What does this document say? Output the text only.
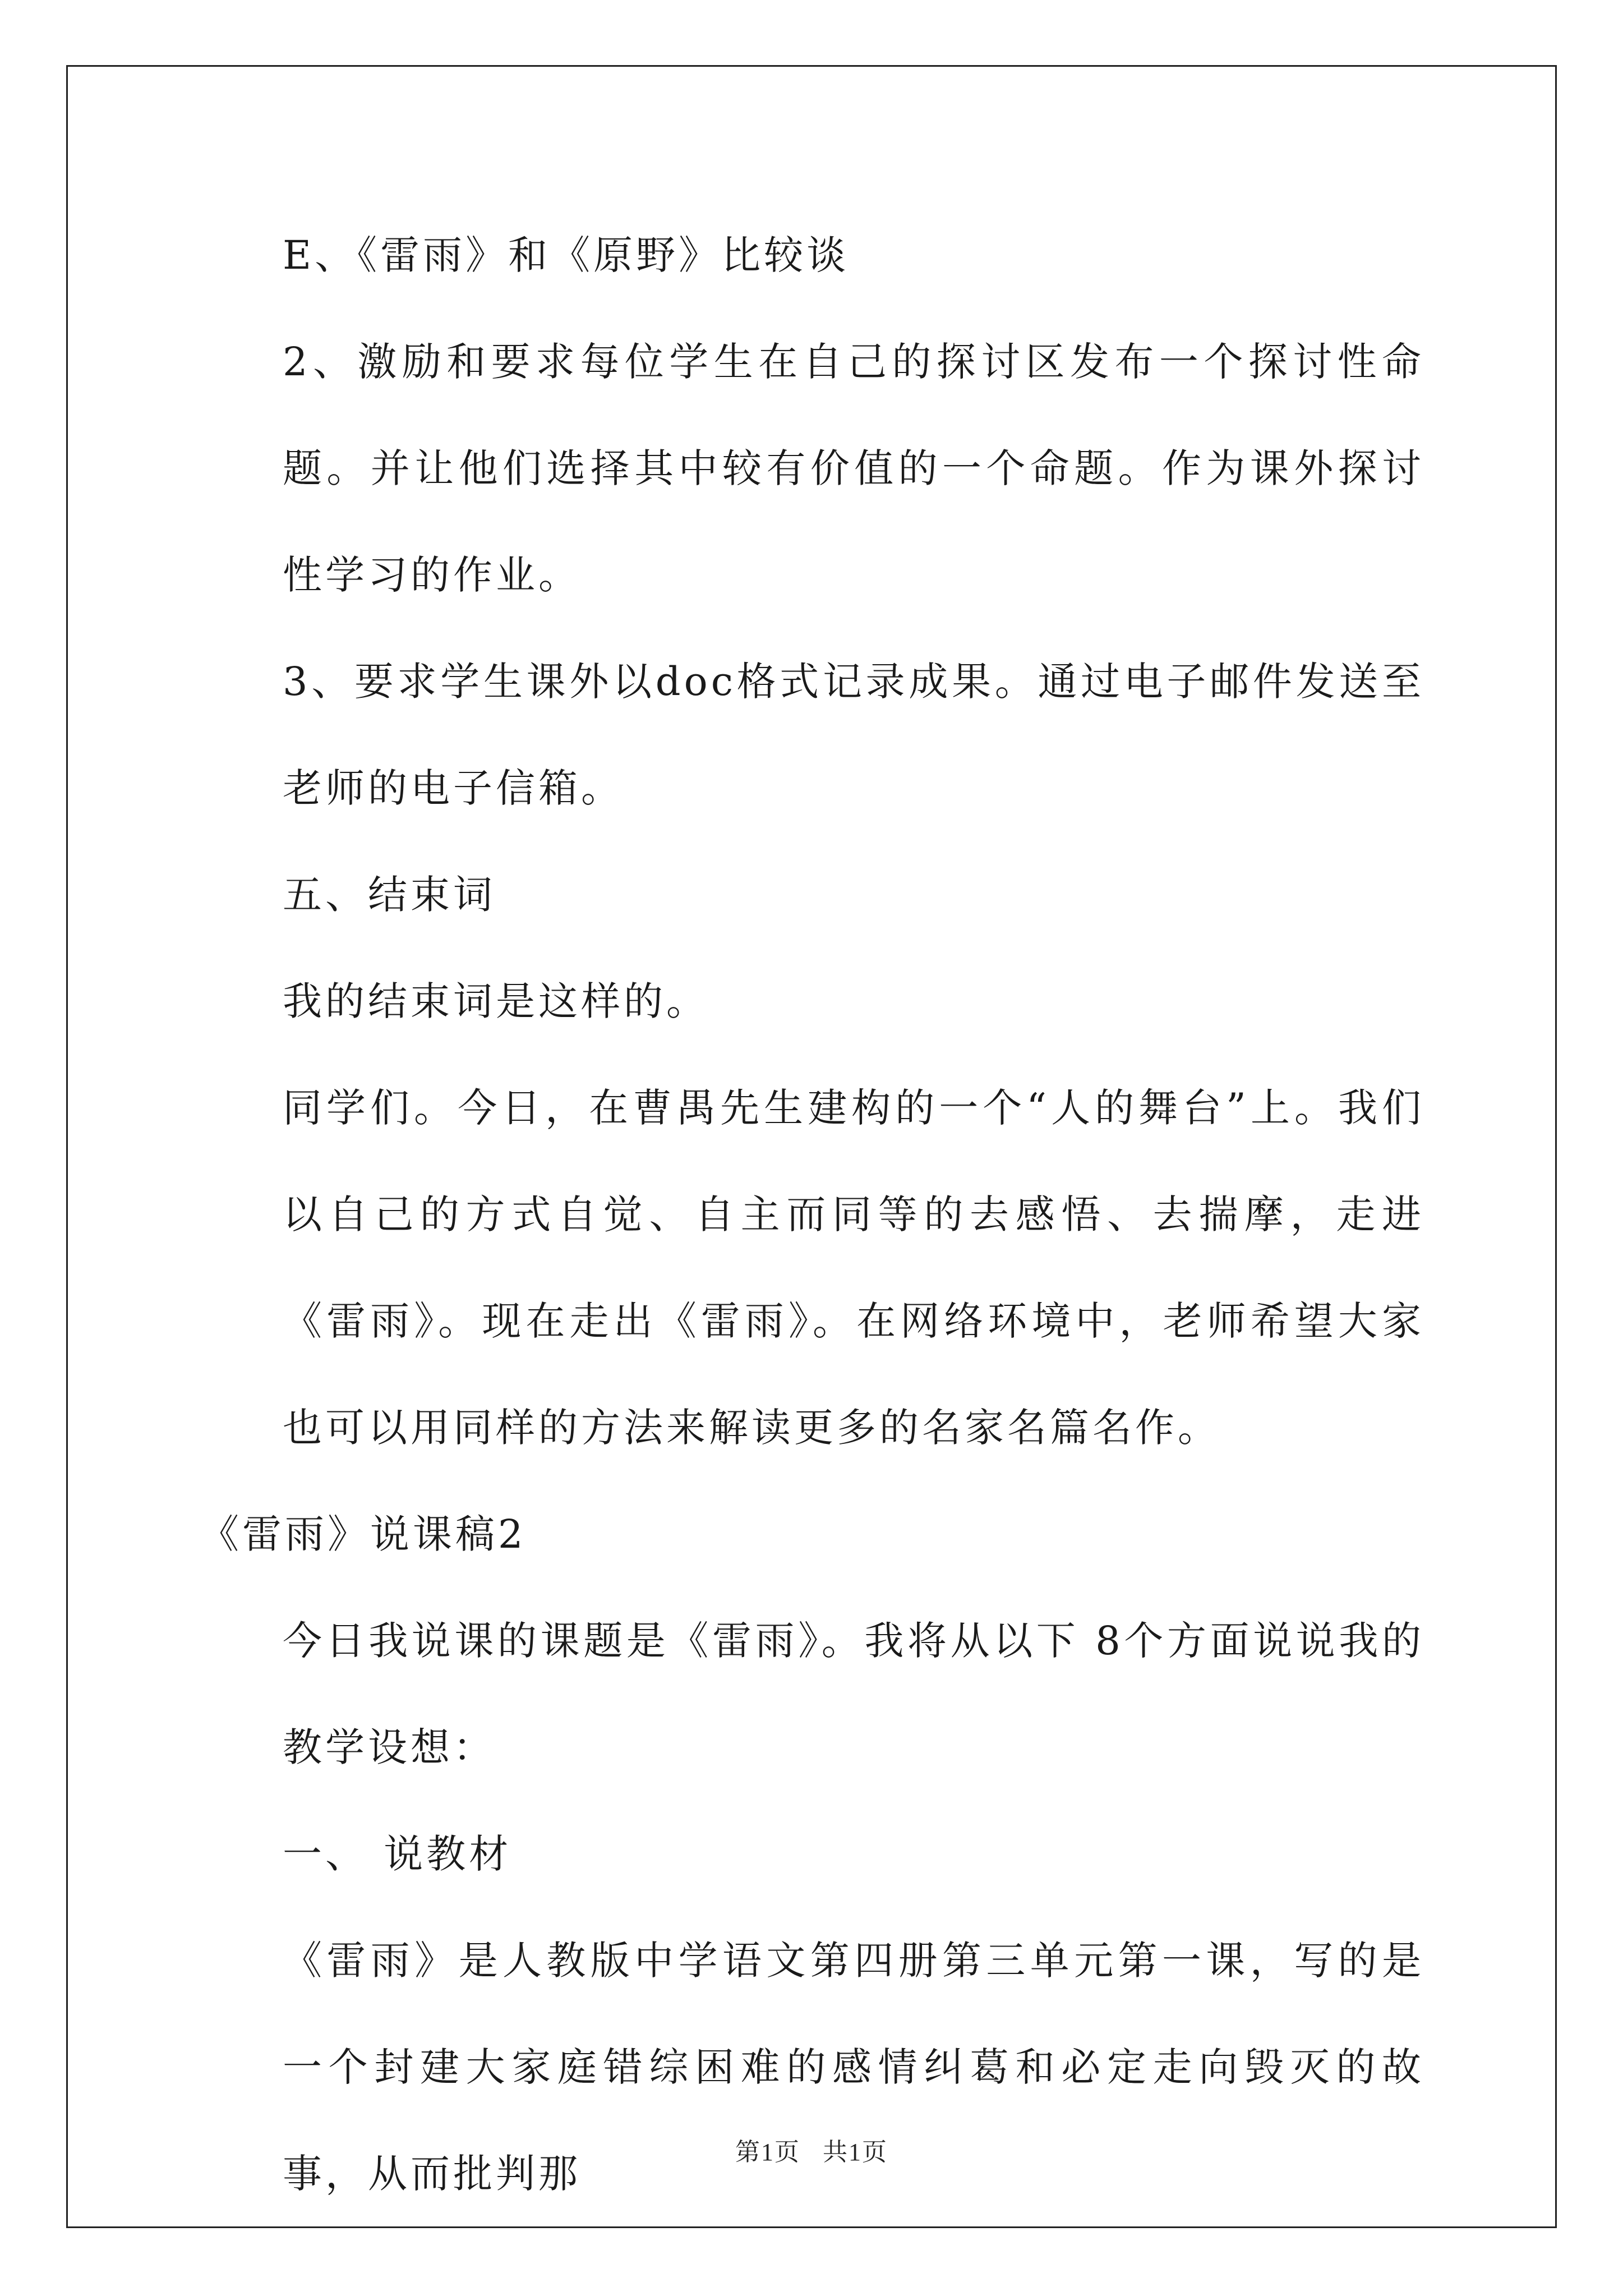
E、《雷雨》和《原野》比较谈

2、激励和要求每位学生在自己的探讨区发布一个探讨性命题。并让他们选择其中较有价值的一个命题。作为课外探讨性学习的作业。

3、要求学生课外以doc格式记录成果。通过电子邮件发送至老师的电子信箱。

五、结束词

我的结束词是这样的。

同学们。今日，在曹禺先生建构的一个“人的舞台”上。我们以自己的方式自觉、自主而同等的去感悟、去揣摩，走进《雷雨》。现在走出《雷雨》。在网络环境中，老师希望大家也可以用同样的方法来解读更多的名家名篇名作。

《雷雨》说课稿2

今日我说课的课题是《雷雨》。我将从以下 8个方面说说我的教学设想：

一、 说教材

《雷雨》是人教版中学语文第四册第三单元第一课，写的是一个封建大家庭错综困难的感情纠葛和必定走向毁灭的故事，从而批判那	第1页 共1页
